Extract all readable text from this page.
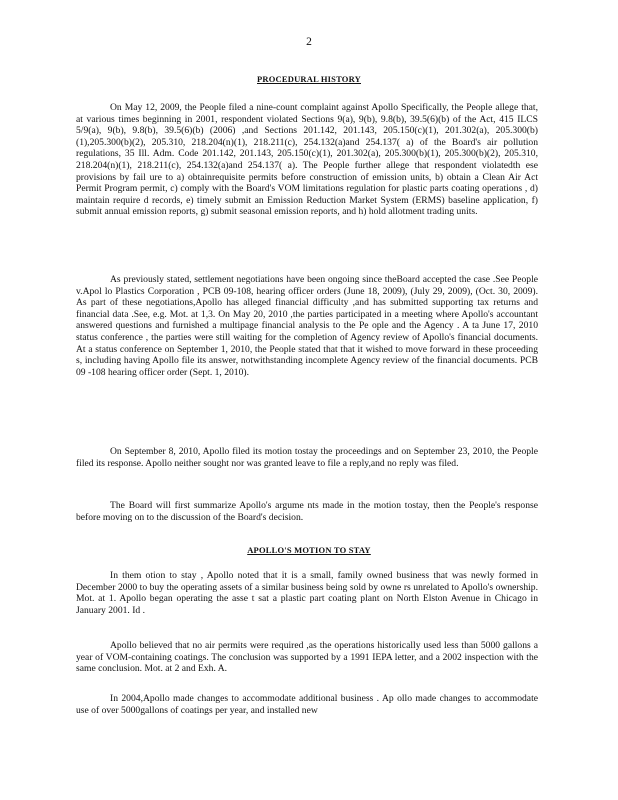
2
PROCEDURAL HISTORY

On May 12, 2009, the People filed a nine-count complaint against Apollo Specifically, the People allege that, at various times beginning in 2001, respondent violated Sections 9(a), 9(b), 9.8(b), 39.5(6)(b) of the Act, 415 ILCS 5/9(a), 9(b), 9.8(b), 39.5(6)(b) (2006) ,and Sections 201.142, 201.143, 205.150(c)(1), 201.302(a), 205.300(b)(1),205.300(b)(2), 205.310, 218.204(n)(1), 218.211(c), 254.132(a)and 254.137( a) of the Board's air pollution regulations, 35 Ill. Adm. Code 201.142, 201.143, 205.150(c)(1), 201.302(a), 205.300(b)(1), 205.300(b)(2), 205.310, 218.204(n)(1), 218.211(c), 254.132(a)and 254.137( a). The People further allege that respondent violatedth ese provisions by fail ure to a) obtainrequisite permits before construction of emission units, b) obtain a Clean Air Act Permit Program permit, c) comply with the Board's VOM limitations regulation for plastic parts coating operations , d) maintain require d records, e) timely submit an Emission Reduction Market System (ERMS) baseline application, f) submit annual emission reports, g) submit seasonal emission reports, and h) hold allotment trading units.

As previously stated, settlement negotiations have been ongoing since theBoard accepted the case .See People v.Apol lo Plastics Corporation , PCB 09-108, hearing officer orders (June 18, 2009), (July 29, 2009), (Oct. 30, 2009). As part of these negotiations,Apollo has alleged financial difficulty ,and has submitted supporting tax returns and financial data .See, e.g. Mot. at 1,3. On May 20, 2010 ,the parties participated in a meeting where Apollo's accountant answered questions and furnished a multipage financial analysis to the Pe ople and the Agency . A ta June 17, 2010 status conference , the parties were still waiting for the completion of Agency review of Apollo's financial documents. At a status conference on September 1, 2010, the People stated that that it wished to move forward in these proceeding s, including having Apollo file its answer, notwithstanding incomplete Agency review of the financial documents. PCB 09 -108 hearing officer order (Sept. 1, 2010).

On September 8, 2010, Apollo filed its motion tostay the proceedings and on September 23, 2010, the People filed its response. Apollo neither sought nor was granted leave to file a reply,and no reply was filed.

The Board will first summarize Apollo's argume nts made in the motion tostay, then the People's response before moving on to the discussion of the Board's decision.

APOLLO'S MOTION TO STAY

In them otion to stay , Apollo noted that it is a small, family owned business that was newly formed in December 2000 to buy the operating assets of a similar business being sold by owne rs unrelated to Apollo's ownership. Mot. at 1. Apollo began operating the asse t sat a plastic part coating plant on North Elston Avenue in Chicago in January 2001. Id .

Apollo believed that no air permits were required ,as the operations historically used less than 5000 gallons a year of VOM-containing coatings. The conclusion was supported by a 1991 IEPA letter, and a 2002 inspection with the same conclusion. Mot. at 2 and Exh. A.

In 2004,Apollo made changes to accommodate additional business . Ap ollo made changes to accommodate use of over 5000gallons of coatings per year, and installed new
